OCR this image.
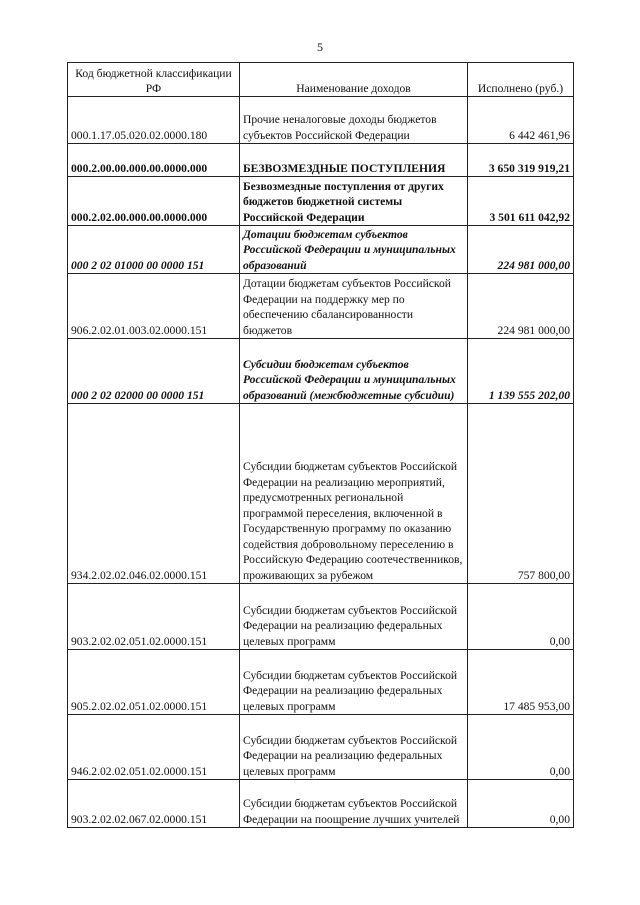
5
Код бюджетной классификации РФ	Наименование доходов	Исполнено (руб.)
000.1.17.05.020.02.0000.180	Прочие неналоговые доходы бюджетов субъектов Российской Федерации	6 442 461,96
000.2.00.00.000.00.0000.000	БЕЗВОЗМЕЗДНЫЕ ПОСТУПЛЕНИЯ	3 650 319 919,21
000.2.02.00.000.00.0000.000	Безвозмездные поступления от других бюджетов бюджетной системы Российской Федерации	3 501 611 042,92
000 2 02 01000 00 0000 151	Дотации бюджетам субъектов Российской Федерации и муниципальных образований	224 981 000,00
906.2.02.01.003.02.0000.151	Дотации бюджетам субъектов Российской Федерации на поддержку мер по обеспечению сбалансированности бюджетов	224 981 000,00
000 2 02 02000 00 0000 151	Субсидии бюджетам субъектов Российской Федерации и муниципальных образований (межбюджетные субсидии)	1 139 555 202,00
934.2.02.02.046.02.0000.151	Субсидии бюджетам субъектов Российской Федерации на реализацию мероприятий, предусмотренных региональной программой переселения, включенной в Государственную программу по оказанию содействия добровольному переселению в Российскую Федерацию соотечественников, проживающих за рубежом	757 800,00
903.2.02.02.051.02.0000.151	Субсидии бюджетам субъектов Российской Федерации на реализацию федеральных целевых программ	0,00
905.2.02.02.051.02.0000.151	Субсидии бюджетам субъектов Российской Федерации на реализацию федеральных целевых программ	17 485 953,00
946.2.02.02.051.02.0000.151	Субсидии бюджетам субъектов Российской Федерации на реализацию федеральных целевых программ	0,00
903.2.02.02.067.02.0000.151	Субсидии бюджетам субъектов Российской Федерации на поощрение лучших учителей	0,00
